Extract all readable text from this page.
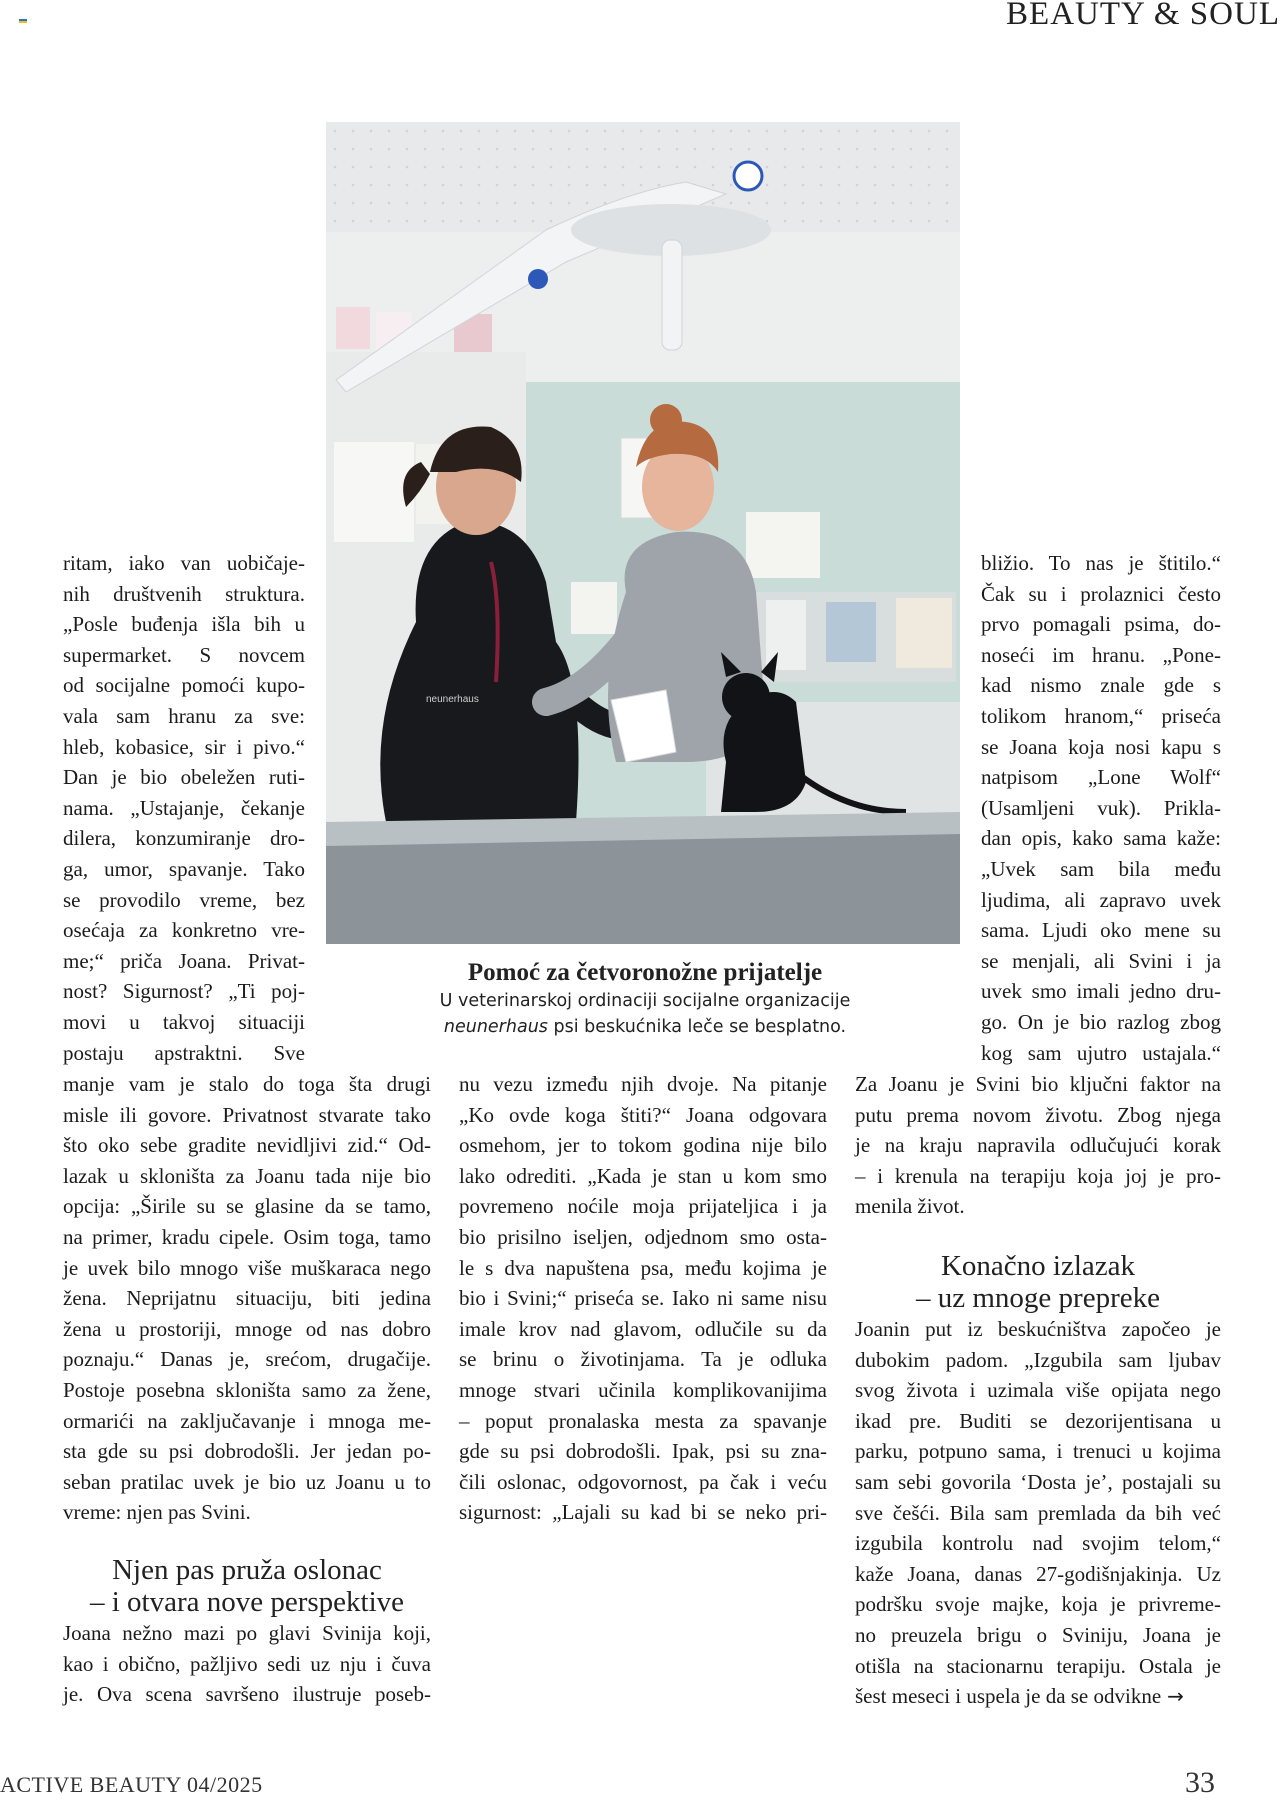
BEAUTY & SOUL
neunerhaus

ritam, iako van uobičaje-

nih društvenih struktura.

„Posle buđenja išla bih u

supermarket. S novcem

od socijalne pomoći kupo-

vala sam hranu za sve:

hleb, kobasice, sir i pivo.“

Dan je bio obeležen ruti-

nama. „Ustajanje, čekanje

dilera, konzumiranje dro-

ga, umor, spavanje. Tako

se provodilo vreme, bez

osećaja za konkretno vre-

me;“ priča Joana. Privat-

nost? Sigurnost? „Ti poj-

movi u takvoj situaciji

postaju apstraktni. Sve

manje vam je stalo do toga šta drugi

misle ili govore. Privatnost stvarate tako

što oko sebe gradite nevidljivi zid.“ Od-

lazak u skloništa za Joanu tada nije bio

opcija: „Širile su se glasine da se tamo,

na primer, kradu cipele. Osim toga, tamo

je uvek bilo mnogo više muškaraca nego

žena. Neprijatnu situaciju, biti jedina

žena u prostoriji, mnoge od nas dobro

poznaju.“ Danas je, srećom, drugačije.

Postoje posebna skloništa samo za žene,

ormarići na zaključavanje i mnoga me-

sta gde su psi dobrodošli. Jer jedan po-

seban pratilac uvek je bio uz Joanu u to

vreme: njen pas Svini.

Njen pas pruža oslonac
– i otvara nove perspektive

Joana nežno mazi po glavi Svinija koji,

kao i obično, pažljivo sedi uz nju i čuva

je. Ova scena savršeno ilustruje poseb-

Pomoć za četvoronožne prijatelje
U veterinarskoj ordinaciji socijalne organizacije
neunerhaus psi beskućnika leče se besplatno.

nu vezu između njih dvoje. Na pitanje

„Ko ovde koga štiti?“ Joana odgovara

osmehom, jer to tokom godina nije bilo

lako odrediti. „Kada je stan u kom smo

povremeno noćile moja prijateljica i ja

bio prisilno iseljen, odjednom smo osta-

le s dva napuštena psa, među kojima je

bio i Svini;“ priseća se. Iako ni same nisu

imale krov nad glavom, odlučile su da

se brinu o životinjama. Ta je odluka

mnoge stvari učinila komplikovanijima

– poput pronalaska mesta za spavanje

gde su psi dobrodošli. Ipak, psi su zna-

čili oslonac, odgovornost, pa čak i veću

sigurnost: „Lajali su kad bi se neko pri-

bližio. To nas je štitilo.“

Čak su i prolaznici često

prvo pomagali psima, do-

noseći im hranu. „Pone-

kad nismo znale gde s

tolikom hranom,“ priseća

se Joana koja nosi kapu s

natpisom „Lone Wolf“

(Usamljeni vuk). Prikla-

dan opis, kako sama kaže:

„Uvek sam bila među

ljudima, ali zapravo uvek

sama. Ljudi oko mene su

se menjali, ali Svini i ja

uvek smo imali jedno dru-

go. On je bio razlog zbog

kog sam ujutro ustajala.“

Za Joanu je Svini bio ključni faktor na

putu prema novom životu. Zbog njega

je na kraju napravila odlučujući korak

– i krenula na terapiju koja joj je pro-

menila život.

Konačno izlazak
– uz mnoge prepreke

Joanin put iz beskućništva započeo je

dubokim padom. „Izgubila sam ljubav

svog života i uzimala više opijata nego

ikad pre. Buditi se dezorijentisana u

parku, potpuno sama, i trenuci u kojima

sam sebi govorila ‘Dosta je’, postajali su

sve češći. Bila sam premlada da bih već

izgubila kontrolu nad svojim telom,“

kaže Joana, danas 27-godišnjakinja. Uz

podršku svoje majke, koja je privreme-

no preuzela brigu o Sviniju, Joana je

otišla na stacionarnu terapiju. Ostala je

šest meseci i uspela je da se odvikne →
ACTIVE BEAUTY 04/2025	33
